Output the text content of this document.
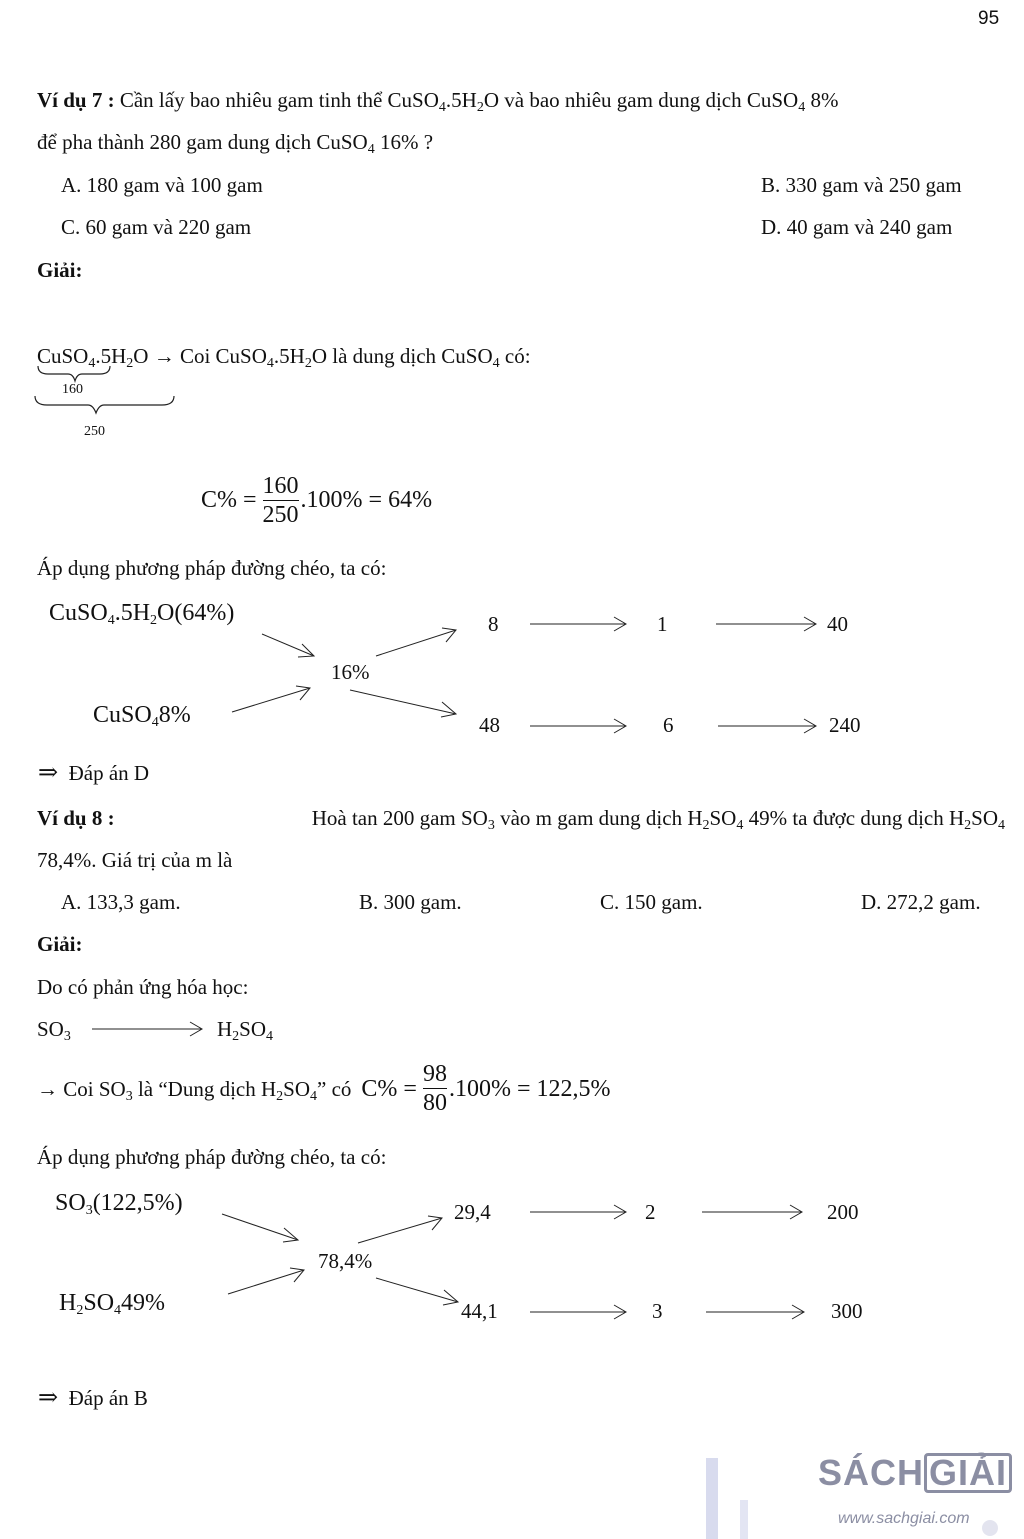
95
Ví dụ 7 : Cần lấy bao nhiêu gam tinh thể $CuSO_4.5H_2O$ và bao nhiêu gam dung dịch CuSO$_4$ 8%
để pha thành 280 gam dung dịch CuSO$_4$ 16% ?
A. 180 gam và 100 gam	B. 330 gam và 250 gam
C. 60 gam và 220 gam	D. 40 gam và 240 gam
Giải:
$CuSO_4.5H_2O$ → Coi $CuSO_4.5H_2O$ là dung dịch CuSO$_4$ có:
160
250
$C\% = \frac{160}{250} .100\% = 64\%$
Áp dụng phương pháp đường chéo, ta có:
$CuSO_4.5H_2O(64\%)$
CuSO$_4$8%
16%
8	1	40
48	6	240
⇒ Đáp án D
Ví dụ 8 :	Hoà tan 200 gam $SO_3$ vào m gam dung dịch $H_2SO_4$ 49% ta được dung dịch $H_2SO_4$
78,4%. Giá trị của m là
A. 133,3 gam.	B. 300 gam.	C. 150 gam.	D. 272,2 gam.
Giải:
Do có phản ứng hóa học:
$SO_3$	$H_2SO_4$
→ Coi $SO_3$ là “Dung dịch $H_2SO_4$” có $C\% = \frac{98}{80} .100\% = 122,5\%$
Áp dụng phương pháp đường chéo, ta có:
$SO_3(122,5\%)$
$H_2SO_449\%$
78,4%
29,4	2	200
44,1	3	300
⇒ Đáp án B
SÁCH GIẢI
www.sachgiai.com
